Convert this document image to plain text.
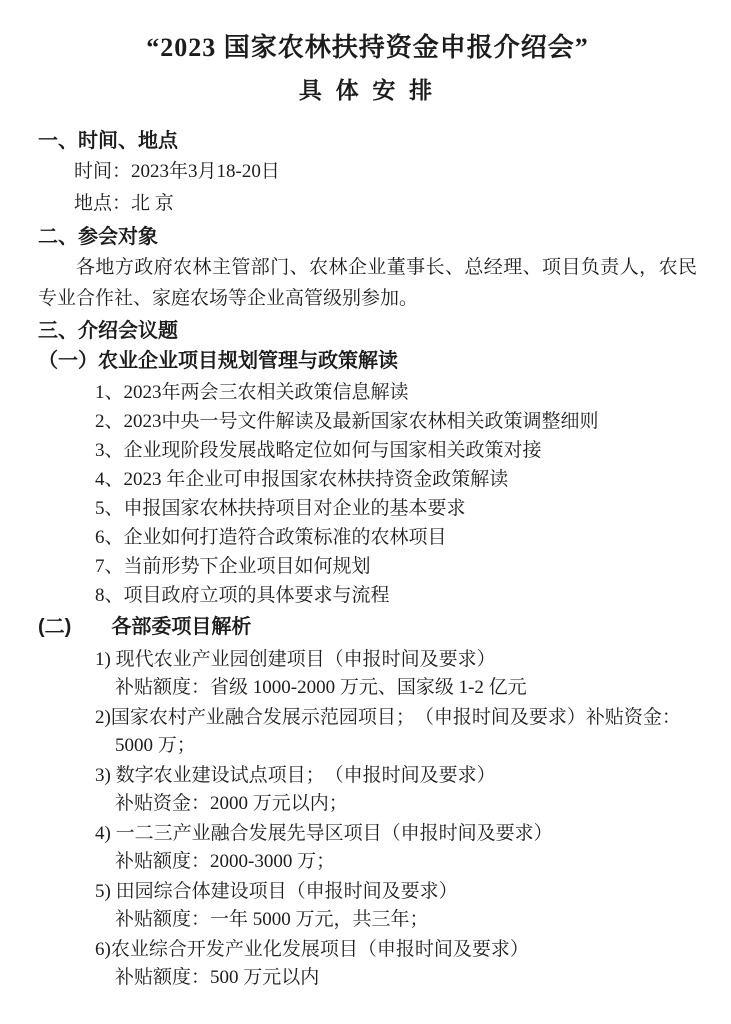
“2023 国家农林扶持资金申报介绍会”
具 体 安 排
一、时间、地点
时间：2023年3月18-20日
地点：北 京
二、参会对象

各地方政府农林主管部门、农林企业董事长、总经理、项目负责人，农民专业合作社、家庭农场等企业高管级别参加。

三、介绍会议题
（一）农业企业项目规划管理与政策解读
1、2023年两会三农相关政策信息解读
2、2023中央一号文件解读及最新国家农林相关政策调整细则
3、企业现阶段发展战略定位如何与国家相关政策对接
4、2023 年企业可申报国家农林扶持资金政策解读
5、申报国家农林扶持项目对企业的基本要求
6、企业如何打造符合政策标准的农林项目
7、当前形势下企业项目如何规划
8、项目政府立项的具体要求与流程
(二) 各部委项目解析
1) 现代农业产业园创建项目（申报时间及要求）
补贴额度：省级 1000-2000 万元、国家级 1-2 亿元
2)国家农村产业融合发展示范园项目；　（申报时间及要求）补贴资金：
5000 万；
3) 数字农业建设试点项目；　（申报时间及要求）
补贴资金：2000 万元以内；
4) 一二三产业融合发展先导区项目（申报时间及要求）
补贴额度：2000-3000 万；
5) 田园综合体建设项目（申报时间及要求）
补贴额度：一年 5000 万元，共三年；
6)农业综合开发产业化发展项目（申报时间及要求）
补贴额度：500 万元以内
